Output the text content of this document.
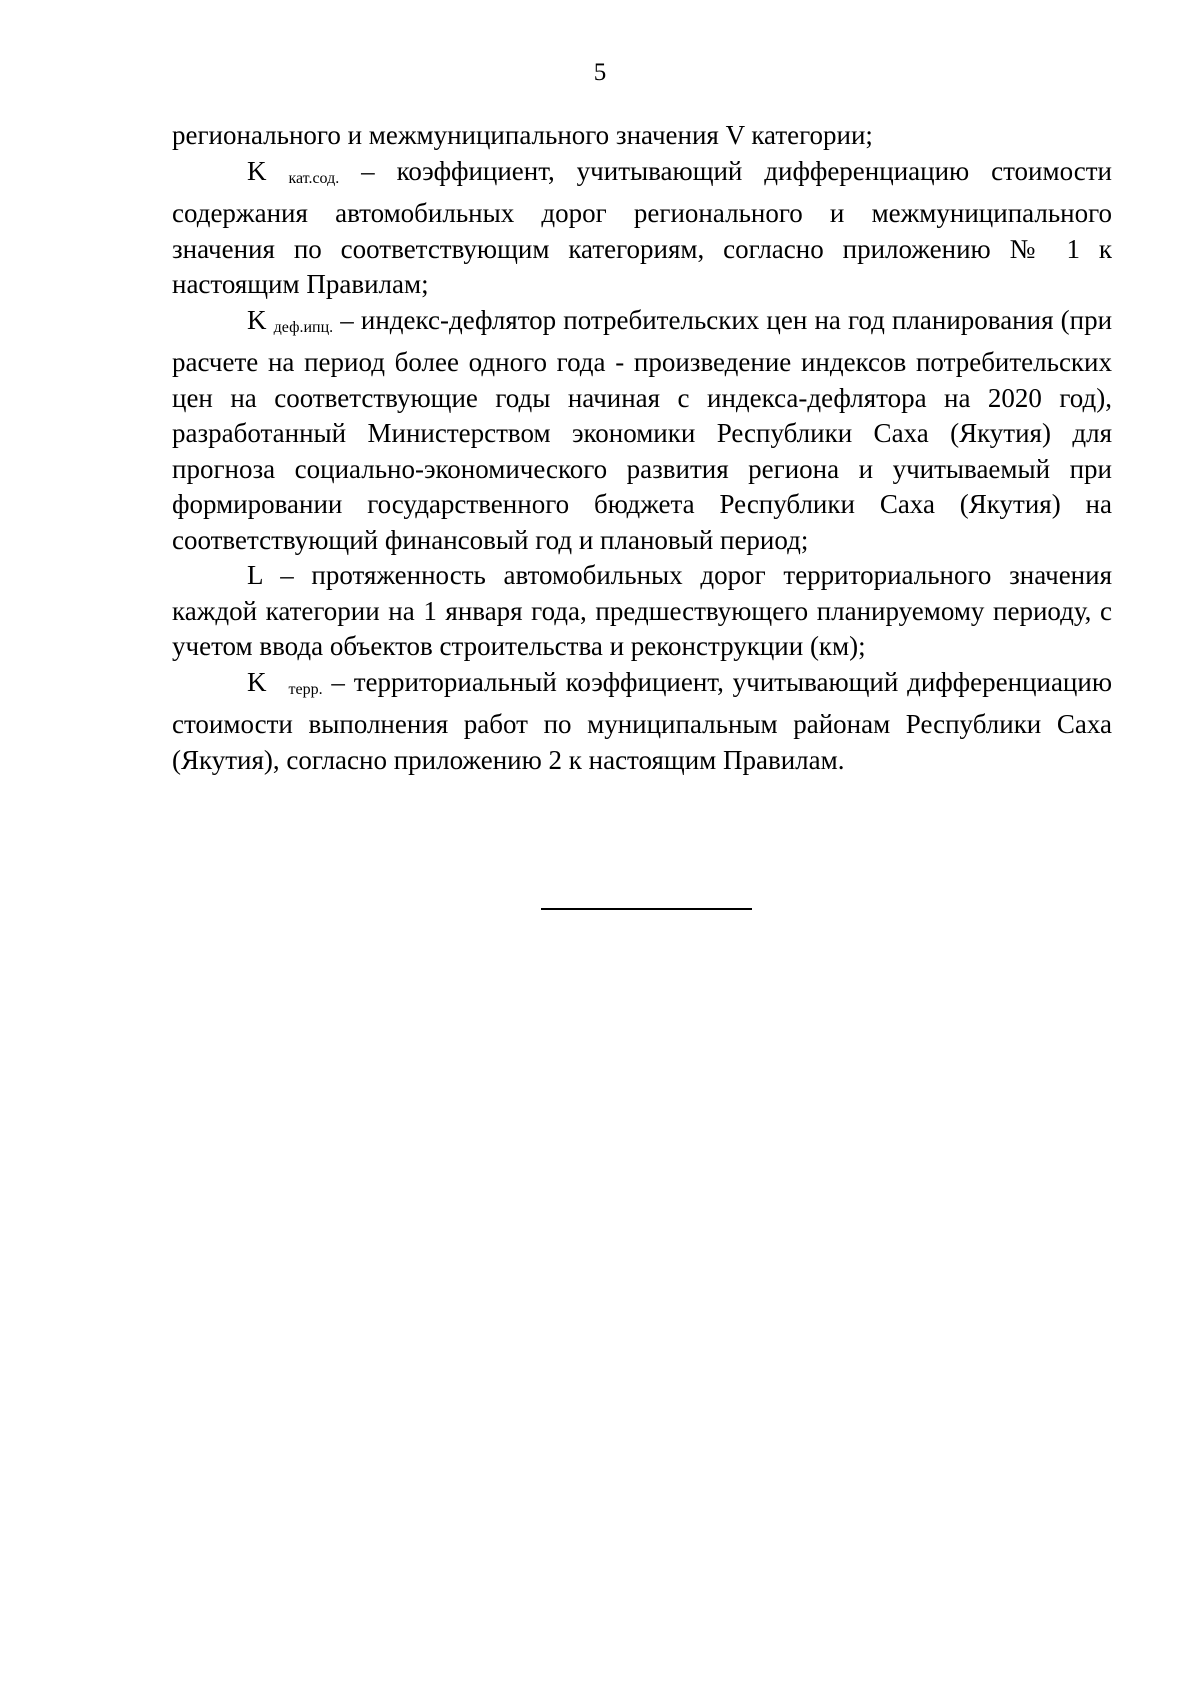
5

регионального и межмуниципального значения V категории;

K кат.сод. – коэффициент, учитывающий дифференциацию стоимости содержания автомобильных дорог регионального и межмуниципального значения по соответствующим категориям, согласно приложению № 1 к настоящим Правилам;

K деф.ипц. – индекс-дефлятор потребительских цен на год планирования (при расчете на период более одного года - произведение индексов потребительских цен на соответствующие годы начиная с индекса-дефлятора на 2020 год), разработанный Министерством экономики Республики Саха (Якутия) для прогноза социально-экономического развития региона и учитываемый при формировании государственного бюджета Республики Саха (Якутия) на соответствующий финансовый год и плановый период;

L – протяженность автомобильных дорог территориального значения каждой категории на 1 января года, предшествующего планируемому периоду, с учетом ввода объектов строительства и реконструкции (км);

K терр. – территориальный коэффициент, учитывающий дифференциацию стоимости выполнения работ по муниципальным районам Республики Саха (Якутия), согласно приложению 2 к настоящим Правилам.
